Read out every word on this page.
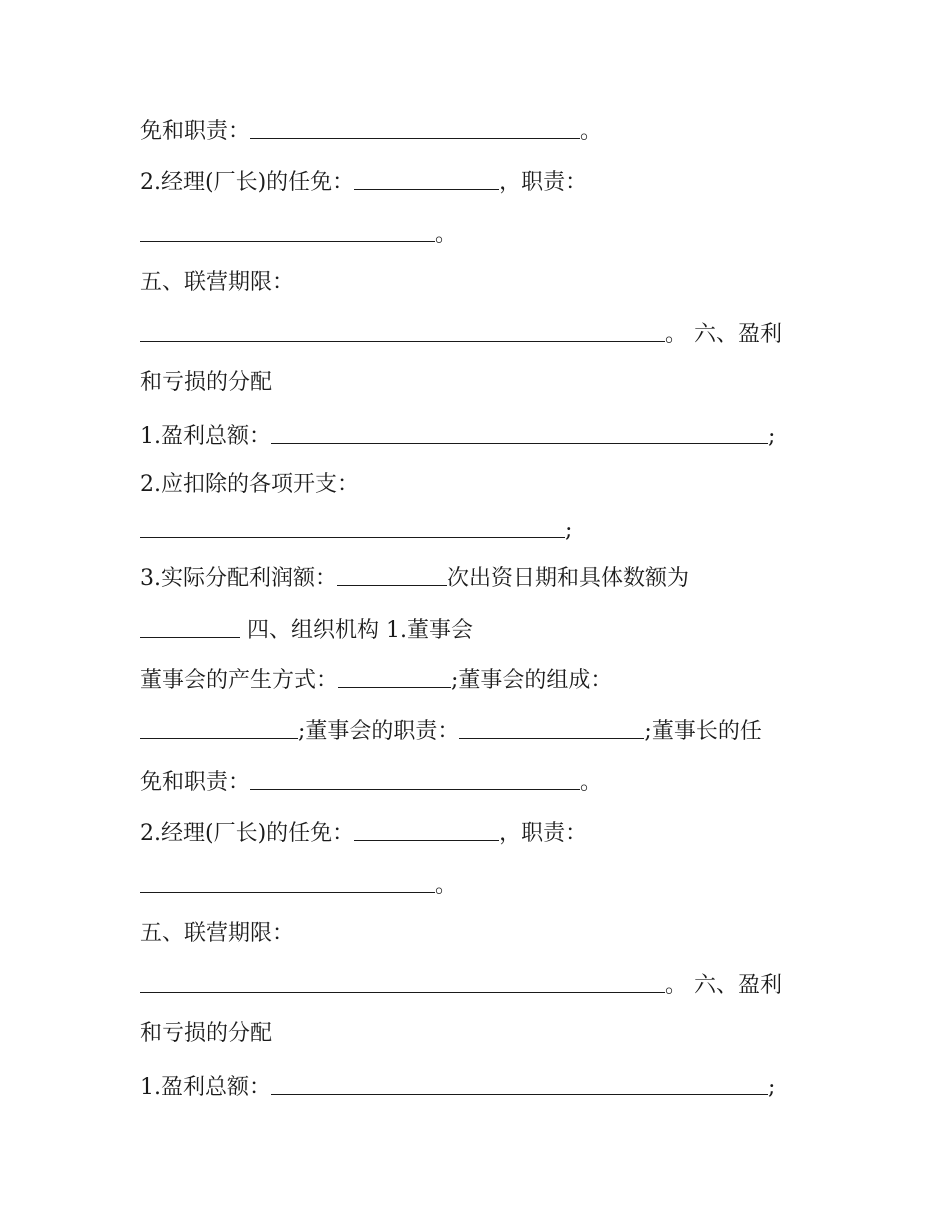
免和职责：	。
2.经理(厂长)的任免：	，职责：
。
五、联营期限：
。 六、盈利
和亏损的分配
1.盈利总额：	;
2.应扣除的各项开支：
;
3.实际分配利润额：	次出资日期和具体数额为
四、组织机构 1.董事会
董事会的产生方式：	;董事会的组成：
;董事会的职责：	;董事长的任
免和职责：	。
2.经理(厂长)的任免：	，职责：
。
五、联营期限：
。 六、盈利
和亏损的分配
1.盈利总额：	;
